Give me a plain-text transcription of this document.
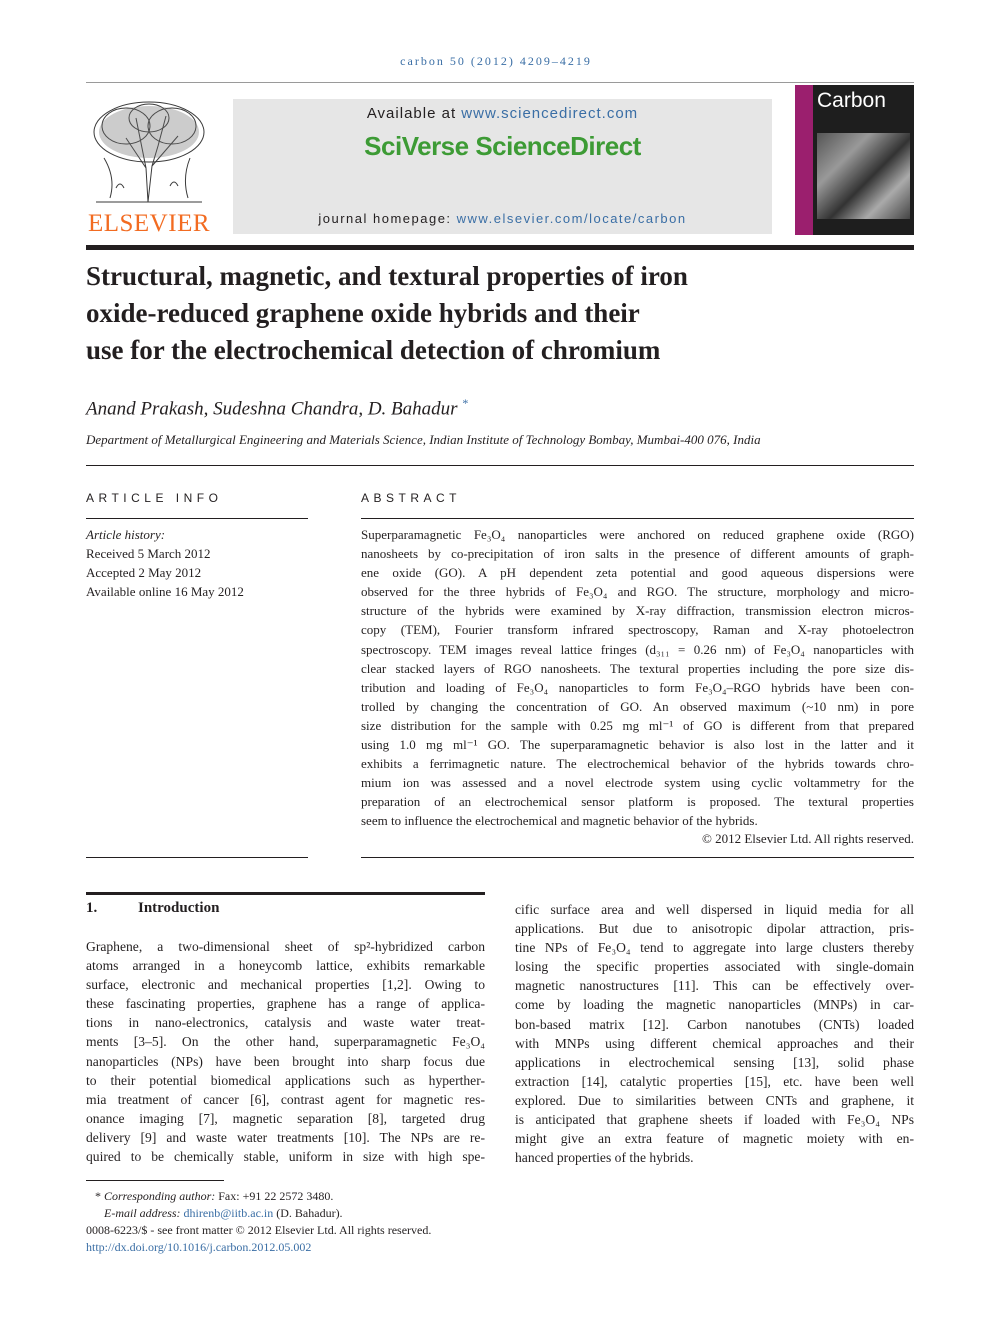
carbon 50 (2012) 4209–4219
ELSEVIER
Available at www.sciencedirect.com
SciVerse ScienceDirect
journal homepage: www.elsevier.com/locate/carbon
Carbon
Structural, magnetic, and textural properties of iron
oxide-reduced graphene oxide hybrids and their
use for the electrochemical detection of chromium
Anand Prakash, Sudeshna Chandra, D. Bahadur *
Department of Metallurgical Engineering and Materials Science, Indian Institute of Technology Bombay, Mumbai-400 076, India
ARTICLE INFO
Article history:
Received 5 March 2012
Accepted 2 May 2012
Available online 16 May 2012
ABSTRACT
Superparamagnetic Fe₃O₄ nanoparticles were anchored on reduced graphene oxide (RGO)
nanosheets by co-precipitation of iron salts in the presence of different amounts of graph-
ene oxide (GO). A pH dependent zeta potential and good aqueous dispersions were
observed for the three hybrids of Fe₃O₄ and RGO. The structure, morphology and micro-
structure of the hybrids were examined by X-ray diffraction, transmission electron micros-
copy (TEM), Fourier transform infrared spectroscopy, Raman and X-ray photoelectron
spectroscopy. TEM images reveal lattice fringes (d₃₁₁ = 0.26 nm) of Fe₃O₄ nanoparticles with
clear stacked layers of RGO nanosheets. The textural properties including the pore size dis-
tribution and loading of Fe₃O₄ nanoparticles to form Fe₃O₄–RGO hybrids have been con-
trolled by changing the concentration of GO. An observed maximum (~10 nm) in pore
size distribution for the sample with 0.25 mg ml⁻¹ of GO is different from that prepared
using 1.0 mg ml⁻¹ GO. The superparamagnetic behavior is also lost in the latter and it
exhibits a ferrimagnetic nature. The electrochemical behavior of the hybrids towards chro-
mium ion was assessed and a novel electrode system using cyclic voltammetry for the
preparation of an electrochemical sensor platform is proposed. The textural properties
seem to influence the electrochemical and magnetic behavior of the hybrids.
© 2012 Elsevier Ltd. All rights reserved.
1.	Introduction
Graphene, a two-dimensional sheet of sp²-hybridized carbon
atoms arranged in a honeycomb lattice, exhibits remarkable
surface, electronic and mechanical properties [1,2]. Owing to
these fascinating properties, graphene has a range of applica-
tions in nano-electronics, catalysis and waste water treat-
ments [3–5]. On the other hand, superparamagnetic Fe₃O₄
nanoparticles (NPs) have been brought into sharp focus due
to their potential biomedical applications such as hyperther-
mia treatment of cancer [6], contrast agent for magnetic res-
onance imaging [7], magnetic separation [8], targeted drug
delivery [9] and waste water treatments [10]. The NPs are re-
quired to be chemically stable, uniform in size with high spe-
cific surface area and well dispersed in liquid media for all
applications. But due to anisotropic dipolar attraction, pris-
tine NPs of Fe₃O₄ tend to aggregate into large clusters thereby
losing the specific properties associated with single-domain
magnetic nanostructures [11]. This can be effectively over-
come by loading the magnetic nanoparticles (MNPs) in car-
bon-based matrix [12]. Carbon nanotubes (CNTs) loaded
with MNPs using different chemical approaches and their
applications in electrochemical sensing [13], solid phase
extraction [14], catalytic properties [15], etc. have been well
explored. Due to similarities between CNTs and graphene, it
is anticipated that graphene sheets if loaded with Fe₃O₄ NPs
might give an extra feature of magnetic moiety with en-
hanced properties of the hybrids.
* Corresponding author: Fax: +91 22 2572 3480.
E-mail address: dhirenb@iitb.ac.in (D. Bahadur).
0008-6223/$ - see front matter © 2012 Elsevier Ltd. All rights reserved.
http://dx.doi.org/10.1016/j.carbon.2012.05.002
